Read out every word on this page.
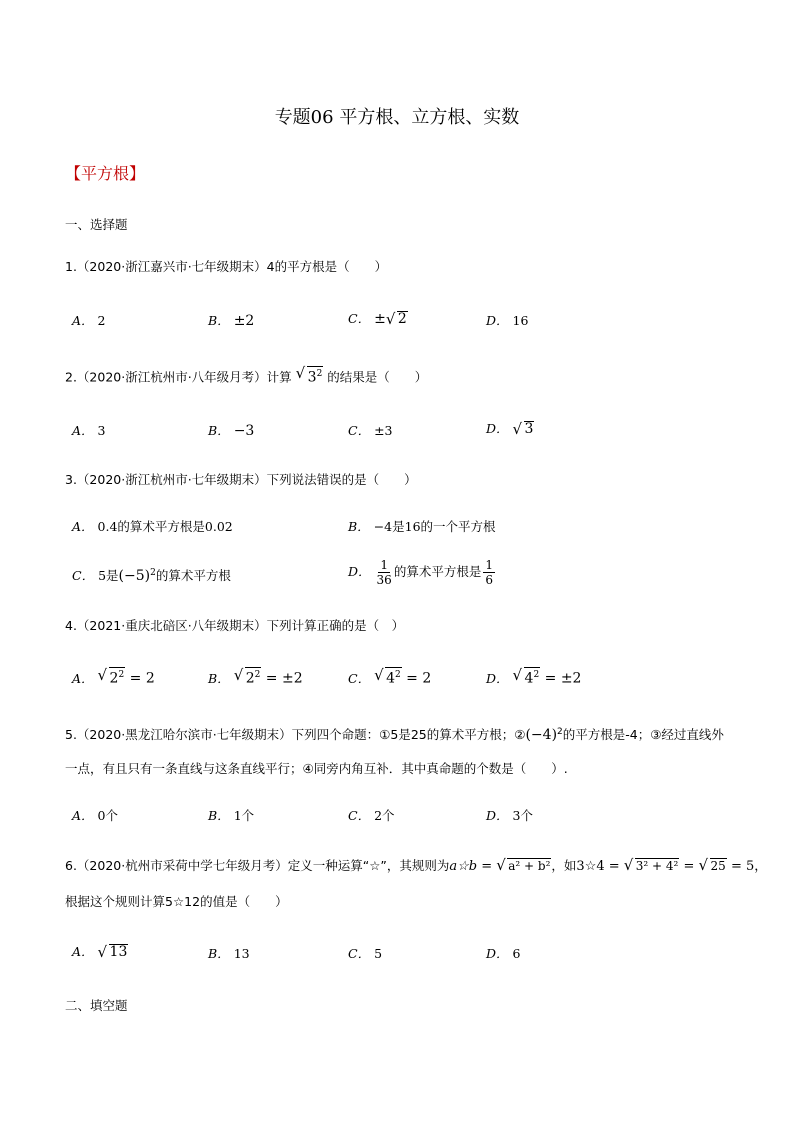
专题06 平方根、立方根、实数
【平方根】
一、选择题
1.（2020·浙江嘉兴市·七年级期末）4的平方根是（　　）
A． 2	B． ±2	C． ± √ 2	D． 16
2.（2020·浙江杭州市·八年级月考）计算 √ $3^2$ 的结果是（　　）
A． 3	B． −3	C． ±3	D． √ 3
3.（2020·浙江杭州市·七年级期末）下列说法错误的是（　　）
A． 0.4的算术平方根是0.02	B． −4是16的一个平方根
C． 5是$(-5)^2$的算术平方根	D． $\frac{1}{36}$ 的算术平方根是 $\frac{1}{6}$
4.（2021·重庆北碚区·八年级期末）下列计算正确的是（　）
A． √ $2^2 = 2$	B． √ $2^2 = \pm 2$	C． √ $4^2 = 2$	D． √ $4^2 = \pm 2$
5.（2020·黑龙江哈尔滨市·七年级期末）下列四个命题：①5是25的算术平方根；$②(-4)^2$的平方根是-4；③经过直线外
一点，有且只有一条直线与这条直线平行；④同旁内角互补．其中真命题的个数是（　　）.
A． 0个	B． 1个	C． 2个	D． 3个
6.（2020·杭州市采荷中学七年级月考）定义一种运算“☆”，其规则为a☆b = √ a² + b²，如3☆4 = √ 3² + 4² = √ 25 = 5，
根据这个规则计算5☆12的值是（　　）
A． √ 13	B． 13	C． 5	D． 6
二、填空题
